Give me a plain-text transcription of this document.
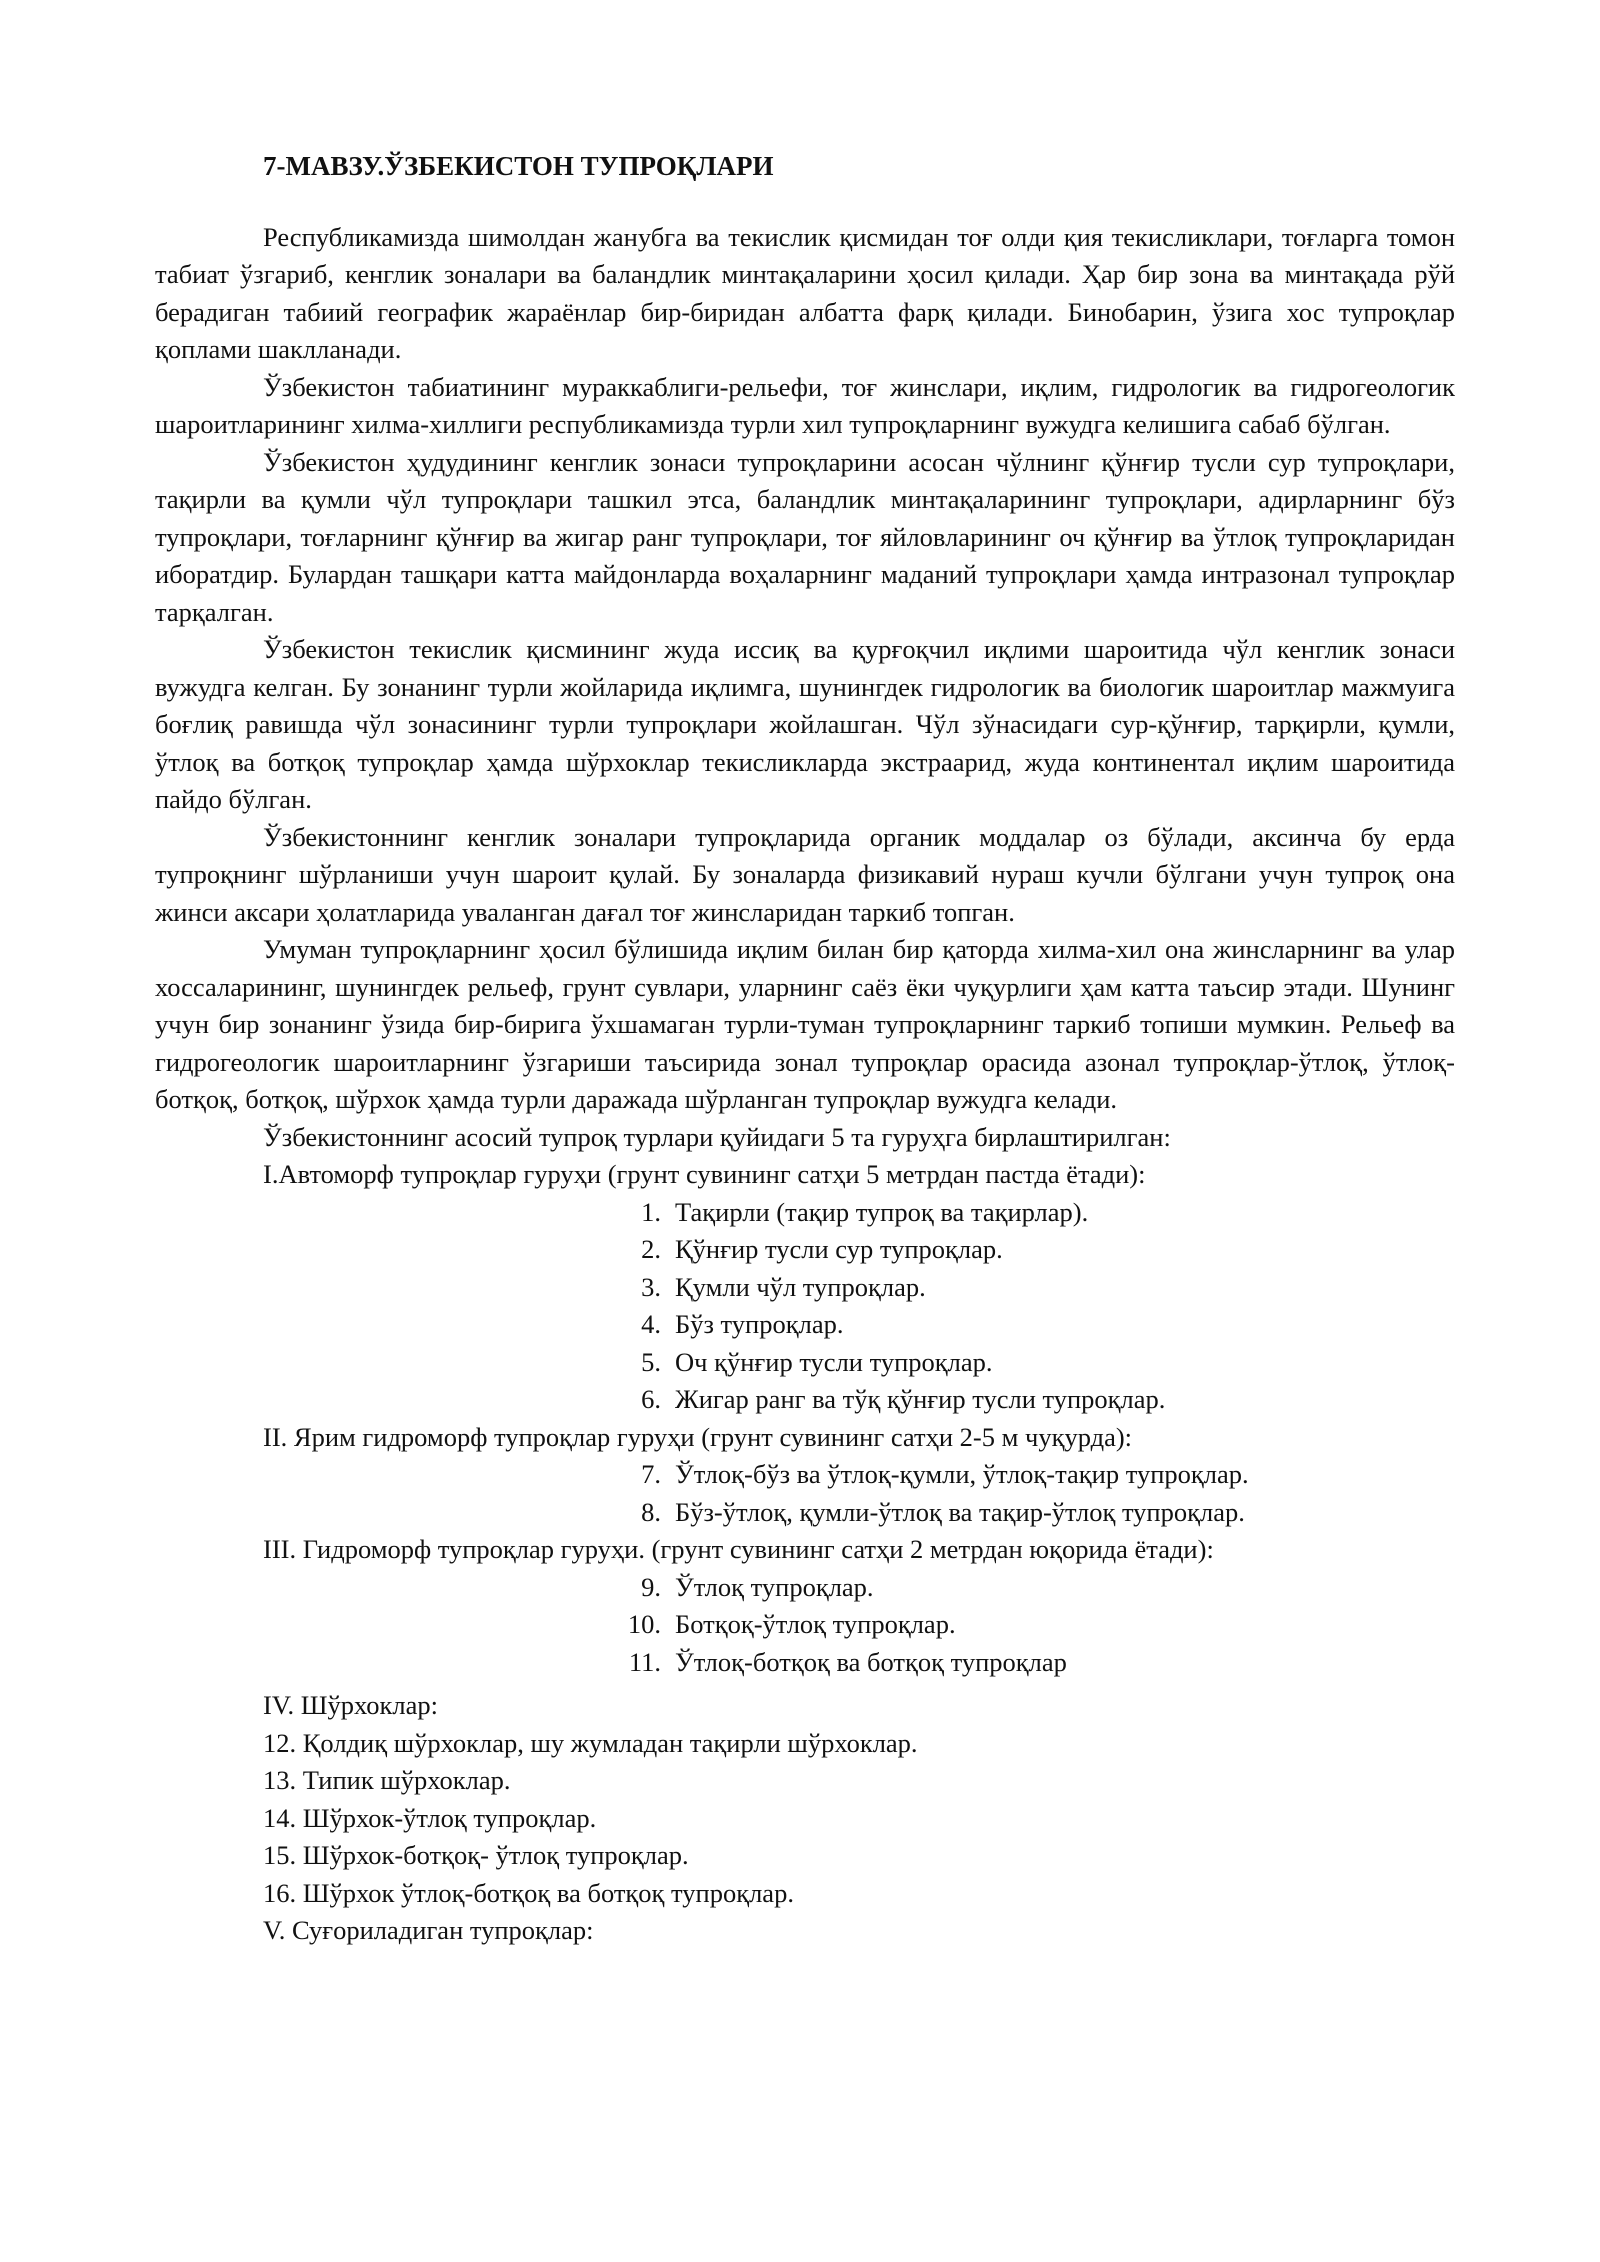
7-МАВЗУ.ЎЗБЕКИСТОН ТУПРОҚЛАРИ

Республикамизда шимолдан жанубга ва текислик қисмидан тоғ олди қия текисликлари, тоғларга томон табиат ўзгариб, кенглик зоналари ва баландлик минтақаларини ҳосил қилади. Ҳар бир зона ва минтақада рўй берадиган табиий географик жараёнлар бир-биридан албатта фарқ қилади. Бинобарин, ўзига хос тупроқлар қоплами шаклланади.

Ўзбекистон табиатининг мураккаблиги-рельефи, тоғ жинслари, иқлим, гидрологик ва гидрогеологик шароитларининг хилма-хиллиги республикамизда турли хил тупроқларнинг вужудга келишига сабаб бўлган.

Ўзбекистон ҳудудининг кенглик зонаси тупроқларини асосан чўлнинг қўнғир тусли сур тупроқлари, тақирли ва қумли чўл тупроқлари ташкил этса, баландлик минтақаларининг тупроқлари, адирларнинг бўз тупроқлари, тоғларнинг қўнғир ва жигар ранг тупроқлари, тоғ яйловларининг оч қўнғир ва ўтлоқ тупроқларидан иборатдир. Булардан ташқари катта майдонларда воҳаларнинг маданий тупроқлари ҳамда интразонал тупроқлар тарқалган.

Ўзбекистон текислик қисмининг жуда иссиқ ва қурғоқчил иқлими шароитида чўл кенглик зонаси вужудга келган. Бу зонанинг турли жойларида иқлимга, шунингдек гидрологик ва биологик шароитлар мажмуига боғлиқ равишда чўл зонасининг турли тупроқлари жойлашган. Чўл зўнасидаги сур-қўнғир, тарқирли, қумли, ўтлоқ ва ботқоқ тупроқлар ҳамда шўрхоклар текисликларда экстраарид, жуда континентал иқлим шароитида пайдо бўлган.

Ўзбекистоннинг кенглик зоналари тупроқларида органик моддалар оз бўлади, аксинча бу ерда тупроқнинг шўрланиши учун шароит қулай. Бу зоналарда физикавий нураш кучли бўлгани учун тупроқ она жинси аксари ҳолатларида уваланган дағал тоғ жинсларидан таркиб топган.

Умуман тупроқларнинг ҳосил бўлишида иқлим билан бир қаторда хилма-хил она жинсларнинг ва улар хоссаларининг, шунингдек рельеф, грунт сувлари, уларнинг саёз ёки чуқурлиги ҳам катта таъсир этади. Шунинг учун бир зонанинг ўзида бир-бирига ўхшамаган турли-туман тупроқларнинг таркиб топиши мумкин. Рельеф ва гидрогеологик шароитларнинг ўзгариши таъсирида зонал тупроқлар орасида азонал тупроқлар-ўтлоқ, ўтлоқ-ботқоқ, ботқоқ, шўрхок ҳамда турли даражада шўрланган тупроқлар вужудга келади.

Ўзбекистоннинг асосий тупроқ турлари қуйидаги 5 та гуруҳга бирлаштирилган:

I.Автоморф тупроқлар гуруҳи (грунт сувининг сатҳи 5 метрдан пастда ётади):

1. Тақирли (тақир тупроқ ва тақирлар).

2. Қўнғир тусли сур тупроқлар.

3. Қумли чўл тупроқлар.

4. Бўз тупроқлар.

5. Оч қўнғир тусли тупроқлар.

6. Жигар ранг ва тўқ қўнғир тусли тупроқлар.

II. Ярим гидроморф тупроқлар гуруҳи (грунт сувининг сатҳи 2-5 м чуқурда):

7. Ўтлоқ-бўз ва ўтлоқ-қумли, ўтлоқ-тақир тупроқлар.

8. Бўз-ўтлоқ, қумли-ўтлоқ ва тақир-ўтлоқ тупроқлар.

III. Гидроморф тупроқлар гуруҳи. (грунт сувининг сатҳи 2 метрдан юқорида ётади):

9. Ўтлоқ тупроқлар.

10. Ботқоқ-ўтлоқ тупроқлар.

11. Ўтлоқ-ботқоқ ва ботқоқ тупроқлар

IV. Шўрхоклар:

12. Қолдиқ шўрхоклар, шу жумладан тақирли шўрхоклар.

13. Типик шўрхоклар.

14. Шўрхок-ўтлоқ тупроқлар.

15. Шўрхок-ботқоқ- ўтлоқ тупроқлар.

16. Шўрхок ўтлоқ-ботқоқ ва ботқоқ тупроқлар.

V. Суғориладиган тупроқлар:
